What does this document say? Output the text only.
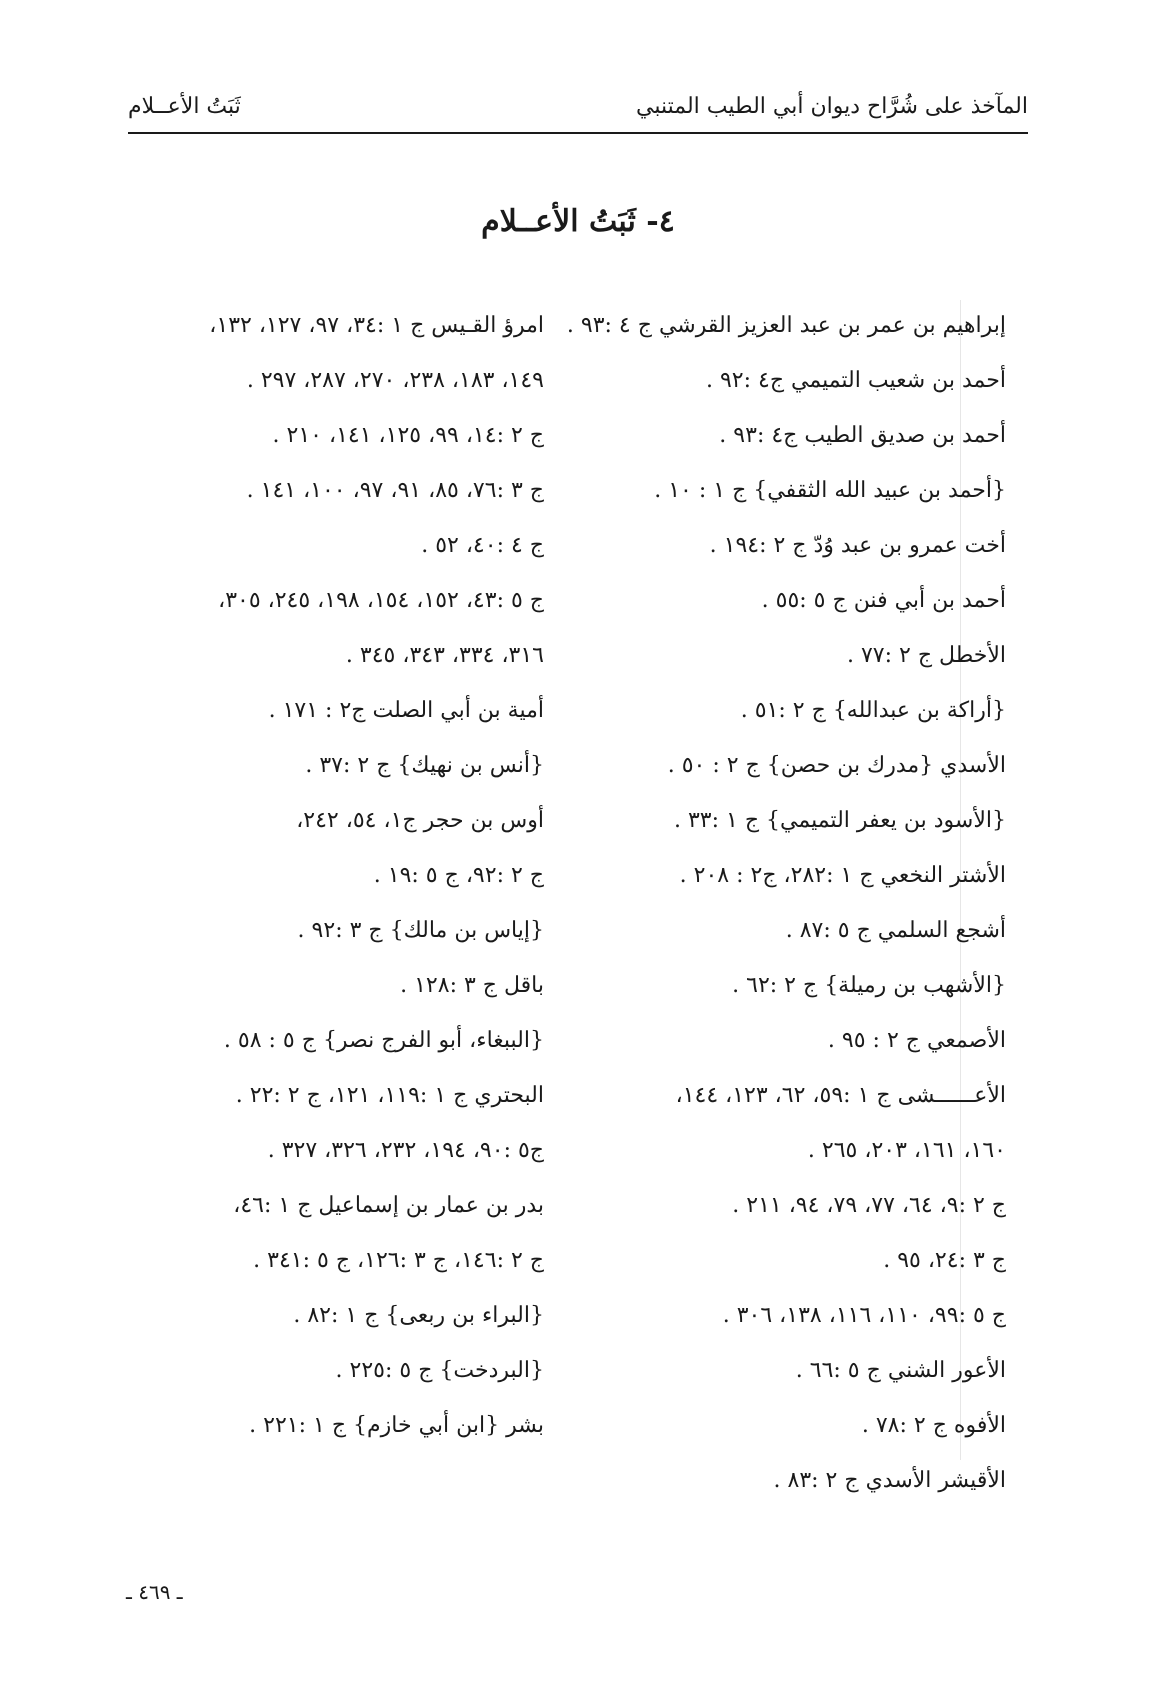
المآخذ على شُرَّاح ديوان أبي الطيب المتنبي
ثَبَتُ الأعــلام
٤- ثَبَتُ الأعــلام
إبراهيم بن عمر بن عبد العزيز القرشي ج ٤ :٩٣ .
أحمد بن شعيب التميمي ج٤ :٩٢ .
أحمد بن صديق الطيب ج٤ :٩٣ .
{أحمد بن عبيد الله الثقفي} ج ١ : ١٠ .
أخت عمرو بن عبد وُدّ ج ٢ :١٩٤ .
أحمد بن أبي فنن ج ٥ :٥٥ .
الأخطل ج ٢ :٧٧ .
{أراكة بن عبدالله} ج ٢ :٥١ .
الأسدي {مدرك بن حصن} ج ٢ : ٥٠ .
{الأسود بن يعفر التميمي} ج ١ :٣٣ .
الأشتر النخعي ج ١ :٢٨٢، ج٢ : ٢٠٨ .
أشجع السلمي ج ٥ :٨٧ .
{الأشهب بن رميلة} ج ٢ :٦٢ .
الأصمعي ج ٢ : ٩٥ .
الأعــــــشى ج ١ :٥٩، ٦٢، ١٢٣، ١٤٤،
١٦٠، ١٦١، ٢٠٣، ٢٦٥ .
ج ٢ :٩، ٦٤، ٧٧، ٧٩، ٩٤، ٢١١ .
ج ٣ :٢٤، ٩٥ .
ج ٥ :٩٩، ١١٠، ١١٦، ١٣٨، ٣٠٦ .
الأعور الشني ج ٥ :٦٦ .
الأفوه ج ٢ :٧٨ .
الأقيشر الأسدي ج ٢ :٨٣ .
امرؤ القـيس ج ١ :٣٤، ٩٧، ١٢٧، ١٣٢،
١٤٩، ١٨٣، ٢٣٨، ٢٧٠، ٢٨٧، ٢٩٧ .
ج ٢ :١٤، ٩٩، ١٢٥، ١٤١، ٢١٠ .
ج ٣ :٧٦، ٨٥، ٩١، ٩٧، ١٠٠، ١٤١ .
ج ٤ :٤٠، ٥٢ .
ج ٥ :٤٣، ١٥٢، ١٥٤، ١٩٨، ٢٤٥، ٣٠٥،
٣١٦، ٣٣٤، ٣٤٣، ٣٤٥ .
أمية بن أبي الصلت ج٢ : ١٧١ .
{أنس بن نهيك} ج ٢ :٣٧ .
أوس بن حجر ج١، ٥٤، ٢٤٢،
ج ٢ :٩٢، ج ٥ :١٩ .
{إياس بن مالك} ج ٣ :٩٢ .
باقل ج ٣ :١٢٨ .
{الببغاء، أبو الفرج نصر} ج ٥ : ٥٨ .
البحتري ج ١ :١١٩، ١٢١، ج ٢ :٢٢ .
ج٥ :٩٠، ١٩٤، ٢٣٢، ٣٢٦، ٣٢٧ .
بدر بن عمار بن إسماعيل ج ١ :٤٦،
ج ٢ :١٤٦، ج ٣ :١٢٦، ج ٥ :٣٤١ .
{البراء بن ربعى} ج ١ :٨٢ .
{البردخت} ج ٥ :٢٢٥ .
بشر {ابن أبي خازم} ج ١ :٢٢١ .
ـ ٤٦٩ ـ
